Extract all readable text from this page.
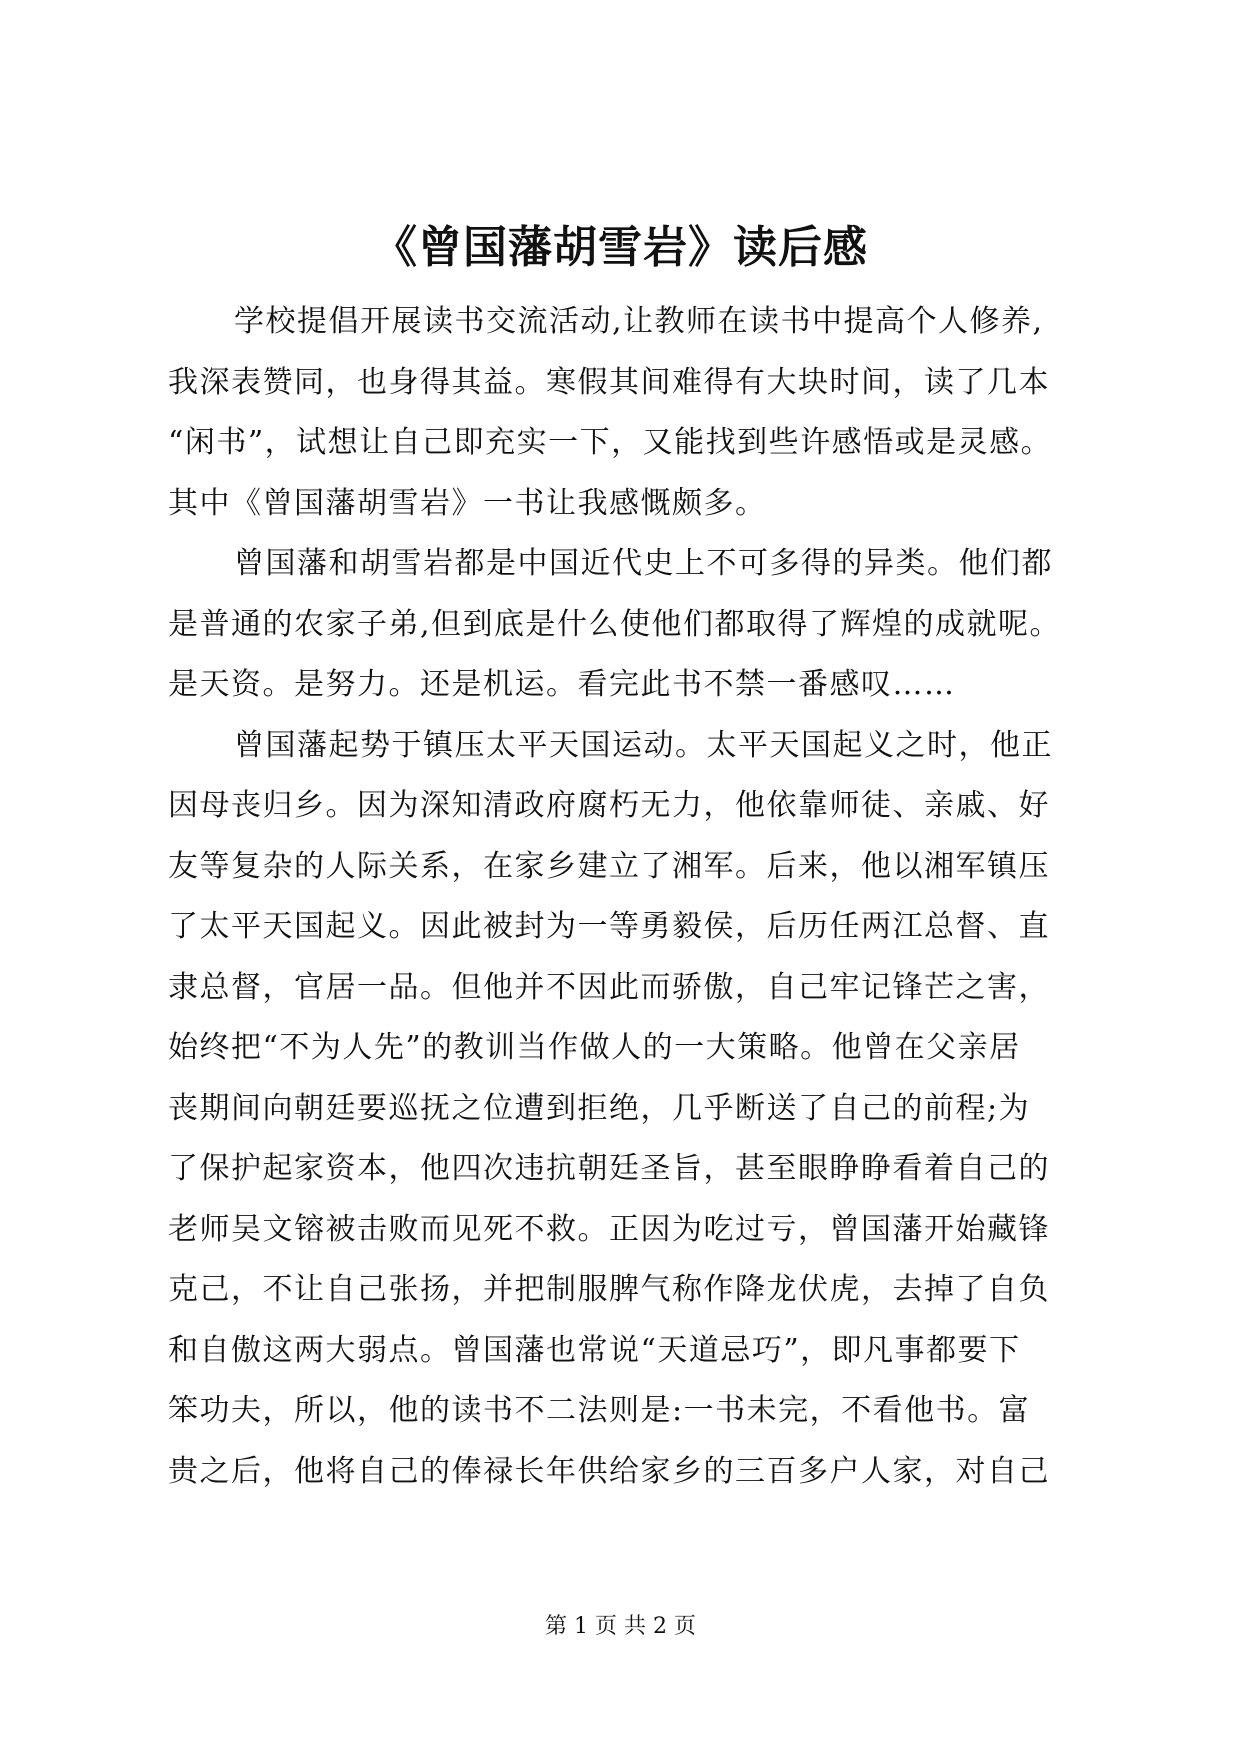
《曾国藩胡雪岩》读后感
学校提倡开展读书交流活动,让教师在读书中提高个人修养,
我深表赞同，也身得其益。寒假其间难得有大块时间，读了几本
“闲书”，试想让自己即充实一下，又能找到些许感悟或是灵感。
其中《曾国藩胡雪岩》一书让我感慨颇多。
曾国藩和胡雪岩都是中国近代史上不可多得的异类。他们都
是普通的农家子弟,但到底是什么使他们都取得了辉煌的成就呢。
是天资。是努力。还是机运。看完此书不禁一番感叹……
曾国藩起势于镇压太平天国运动。太平天国起义之时，他正
因母丧归乡。因为深知清政府腐朽无力，他依靠师徒、亲戚、好
友等复杂的人际关系，在家乡建立了湘军。后来，他以湘军镇压
了太平天国起义。因此被封为一等勇毅侯，后历任两江总督、直
隶总督，官居一品。但他并不因此而骄傲，自己牢记锋芒之害，
始终把“不为人先”的教训当作做人的一大策略。他曾在父亲居
丧期间向朝廷要巡抚之位遭到拒绝，几乎断送了自己的前程;为
了保护起家资本，他四次违抗朝廷圣旨，甚至眼睁睁看着自己的
老师吴文镕被击败而见死不救。正因为吃过亏，曾国藩开始藏锋
克己，不让自己张扬，并把制服脾气称作降龙伏虎，去掉了自负
和自傲这两大弱点。曾国藩也常说“天道忌巧”，即凡事都要下
笨功夫，所以，他的读书不二法则是:一书未完，不看他书。富
贵之后，他将自己的俸禄长年供给家乡的三百多户人家，对自己
第 1 页 共 2 页
